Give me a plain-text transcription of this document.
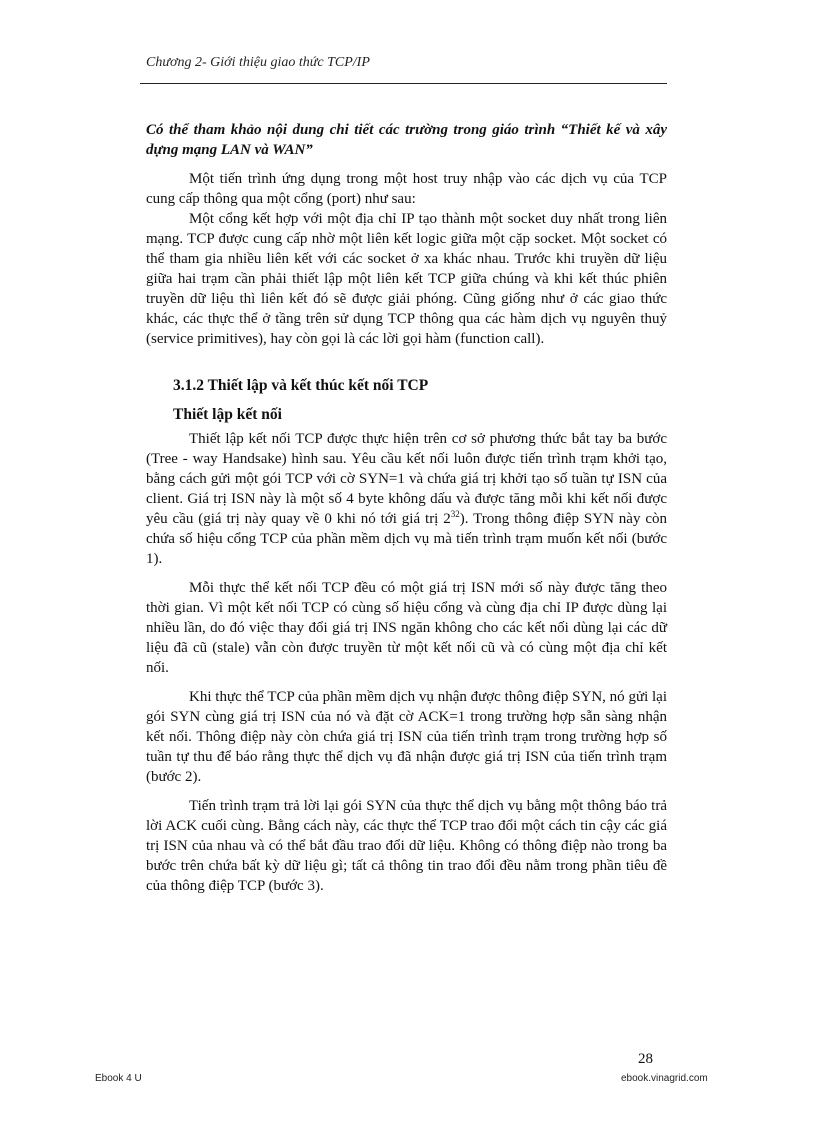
Chương 2- Giới thiệu giao thức TCP/IP

Có thể tham khảo nội dung chi tiết các trường trong giáo trình “Thiết kế và xây dựng mạng LAN và WAN”

Một tiến trình ứng dụng trong một host truy nhập vào các dịch vụ của TCP cung cấp thông qua một cổng (port) như sau:

Một cổng kết hợp với một địa chỉ IP tạo thành một socket duy nhất trong liên mạng. TCP được cung cấp nhờ một liên kết logic giữa một cặp socket. Một socket có thể tham gia nhiều liên kết với các socket ở xa khác nhau. Trước khi truyền dữ liệu giữa hai trạm cần phải thiết lập một liên kết TCP giữa chúng và khi kết thúc phiên truyền dữ liệu thì liên kết đó sẽ được giải phóng. Cũng giống như ở các giao thức khác, các thực thể ở tầng trên sử dụng TCP thông qua các hàm dịch vụ nguyên thuỷ (service primitives), hay còn gọi là các lời gọi hàm (function call).

3.1.2 Thiết lập và kết thúc kết nối TCP

Thiết lập kết nối

Thiết lập kết nối TCP được thực hiện trên cơ sở phương thức bắt tay ba bước (Tree - way Handsake) hình sau. Yêu cầu kết nối luôn được tiến trình trạm khởi tạo, bằng cách gửi một gói TCP với cờ SYN=1 và chứa giá trị khởi tạo số tuần tự ISN của client. Giá trị ISN này là một số 4 byte không dấu và được tăng mỗi khi kết nối được yêu cầu (giá trị này quay về 0 khi nó tới giá trị $2^{32}$). Trong thông điệp SYN này còn chứa số hiệu cổng TCP của phần mềm dịch vụ mà tiến trình trạm muốn kết nối (bước 1).

Mỗi thực thể kết nối TCP đều có một giá trị ISN mới số này được tăng theo thời gian. Vì một kết nối TCP có cùng số hiệu cổng và cùng địa chỉ IP được dùng lại nhiều lần, do đó việc thay đổi giá trị INS ngăn không cho các kết nối dùng lại các dữ liệu đã cũ (stale) vẫn còn được truyền từ một kết nối cũ và có cùng một địa chỉ kết nối.

Khi thực thể TCP của phần mềm dịch vụ nhận được thông điệp SYN, nó gửi lại gói SYN cùng giá trị ISN của nó và đặt cờ ACK=1 trong trường hợp sẵn sàng nhận kết nối. Thông điệp này còn chứa giá trị ISN của tiến trình trạm trong trường hợp số tuần tự thu để báo rằng thực thể dịch vụ đã nhận được giá trị ISN của tiến trình trạm (bước 2).

Tiến trình trạm trả lời lại gói SYN của thực thể dịch vụ bằng một thông báo trả lời ACK cuối cùng. Bằng cách này, các thực thể TCP trao đổi một cách tin cậy các giá trị ISN của nhau và có thể bắt đầu trao đổi dữ liệu. Không có thông điệp nào trong ba bước trên chứa bất kỳ dữ liệu gì; tất cả thông tin trao đổi đều nằm trong phần tiêu đề của thông điệp TCP (bước 3).

28
Ebook 4 U	ebook.vinagrid.com
